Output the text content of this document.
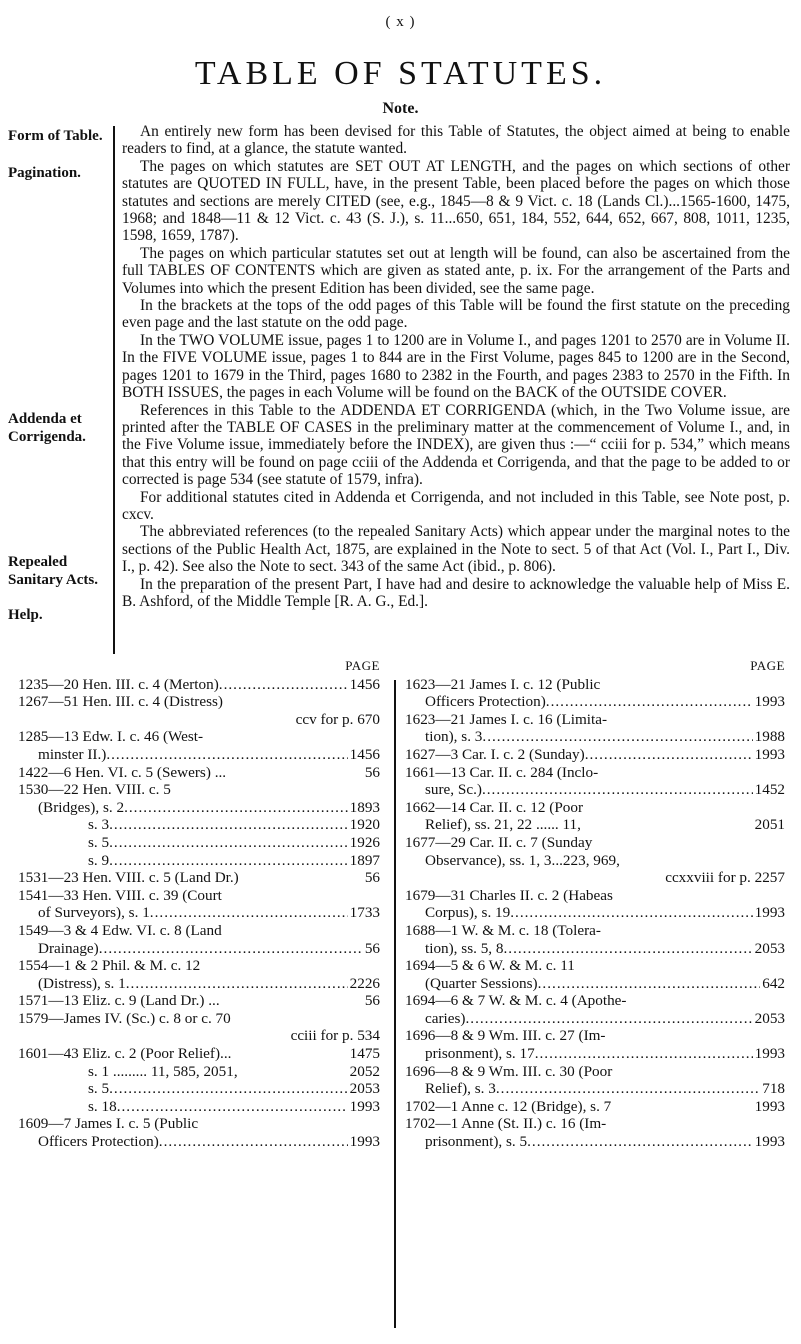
( x )
TABLE OF STATUTES.
Note.
Form of Table.
Pagination.
Addenda et Corrigenda.
Repealed Sanitary Acts.
Help.

An entirely new form has been devised for this Table of Statutes, the object aimed at being to enable readers to find, at a glance, the statute wanted.

The pages on which statutes are SET OUT AT LENGTH, and the pages on which sections of other statutes are QUOTED IN FULL, have, in the present Table, been placed before the pages on which those statutes and sections are merely CITED (see, e.g., 1845—8 & 9 Vict. c. 18 (Lands Cl.)...1565-1600, 1475, 1968; and 1848—11 & 12 Vict. c. 43 (S. J.), s. 11...650, 651, 184, 552, 644, 652, 667, 808, 1011, 1235, 1598, 1659, 1787).

The pages on which particular statutes set out at length will be found, can also be ascertained from the full TABLES OF CONTENTS which are given as stated ante, p. ix. For the arrangement of the Parts and Volumes into which the present Edition has been divided, see the same page.

In the brackets at the tops of the odd pages of this Table will be found the first statute on the preceding even page and the last statute on the odd page.

In the TWO VOLUME issue, pages 1 to 1200 are in Volume I., and pages 1201 to 2570 are in Volume II. In the FIVE VOLUME issue, pages 1 to 844 are in the First Volume, pages 845 to 1200 are in the Second, pages 1201 to 1679 in the Third, pages 1680 to 2382 in the Fourth, and pages 2383 to 2570 in the Fifth. In BOTH ISSUES, the pages in each Volume will be found on the BACK of the OUTSIDE COVER.

References in this Table to the ADDENDA ET CORRIGENDA (which, in the Two Volume issue, are printed after the TABLE OF CASES in the preliminary matter at the commencement of Volume I., and, in the Five Volume issue, immediately before the INDEX), are given thus :—“ cciii for p. 534,” which means that this entry will be found on page cciii of the Addenda et Corrigenda, and that the page to be added to or corrected is page 534 (see statute of 1579, infra).

For additional statutes cited in Addenda et Corrigenda, and not included in this Table, see Note post, p. cxcv.

The abbreviated references (to the repealed Sanitary Acts) which appear under the marginal notes to the sections of the Public Health Act, 1875, are explained in the Note to sect. 5 of that Act (Vol. I., Part I., Div. I., p. 42). See also the Note to sect. 343 of the same Act (ibid., p. 806).

In the preparation of the present Part, I have had and desire to acknowledge the valuable help of Miss E. B. Ashford, of the Middle Temple [R. A. G., Ed.].

PAGE
1235—20 Hen. III. c. 4 (Merton) .....	1456
1267—51 Hen. III. c. 4 (Distress)
ccv for p. 670
1285—13 Edw. I. c. 46 (West-
minster II.) .....	1456
1422—6 Hen. VI. c. 5 (Sewers) ...	56
1530—22 Hen. VIII. c. 5
(Bridges), s. 2 .....	1893
s. 3 .....	1920
s. 5 .....	1926
s. 9 .....	1897
1531—23 Hen. VIII. c. 5 (Land Dr.)	56
1541—33 Hen. VIII. c. 39 (Court
of Surveyors), s. 1 .....	1733
1549—3 & 4 Edw. VI. c. 8 (Land
Drainage) .....	56
1554—1 & 2 Phil. & M. c. 12
(Distress), s. 1 .....	2226
1571—13 Eliz. c. 9 (Land Dr.) ...	56
1579—James IV. (Sc.) c. 8 or c. 70
cciii for p. 534
1601—43 Eliz. c. 2 (Poor Relief)...	1475
s. 1 ......... 11, 585, 2051,	2052
s. 5 .....	2053
s. 18 .....	1993
1609—7 James I. c. 5 (Public
Officers Protection) .....	1993
PAGE
1623—21 James I. c. 12 (Public
Officers Protection) .....	1993
1623—21 James I. c. 16 (Limita-
tion), s. 3 .....	1988
1627—3 Car. I. c. 2 (Sunday) .....	1993
1661—13 Car. II. c. 284 (Inclo-
sure, Sc.) .....	1452
1662—14 Car. II. c. 12 (Poor
Relief), ss. 21, 22 ...... 11,	2051
1677—29 Car. II. c. 7 (Sunday
Observance), ss. 1, 3...223, 969,
ccxxviii for p. 2257
1679—31 Charles II. c. 2 (Habeas
Corpus), s. 19 .....	1993
1688—1 W. & M. c. 18 (Tolera-
tion), ss. 5, 8 .....	2053
1694—5 & 6 W. & M. c. 11
(Quarter Sessions) .....	642
1694—6 & 7 W. & M. c. 4 (Apothe-
caries) .....	2053
1696—8 & 9 Wm. III. c. 27 (Im-
prisonment), s. 17 .....	1993
1696—8 & 9 Wm. III. c. 30 (Poor
Relief), s. 3 .....	718
1702—1 Anne c. 12 (Bridge), s. 7	1993
1702—1 Anne (St. II.) c. 16 (Im-
prisonment), s. 5 .....	1993
